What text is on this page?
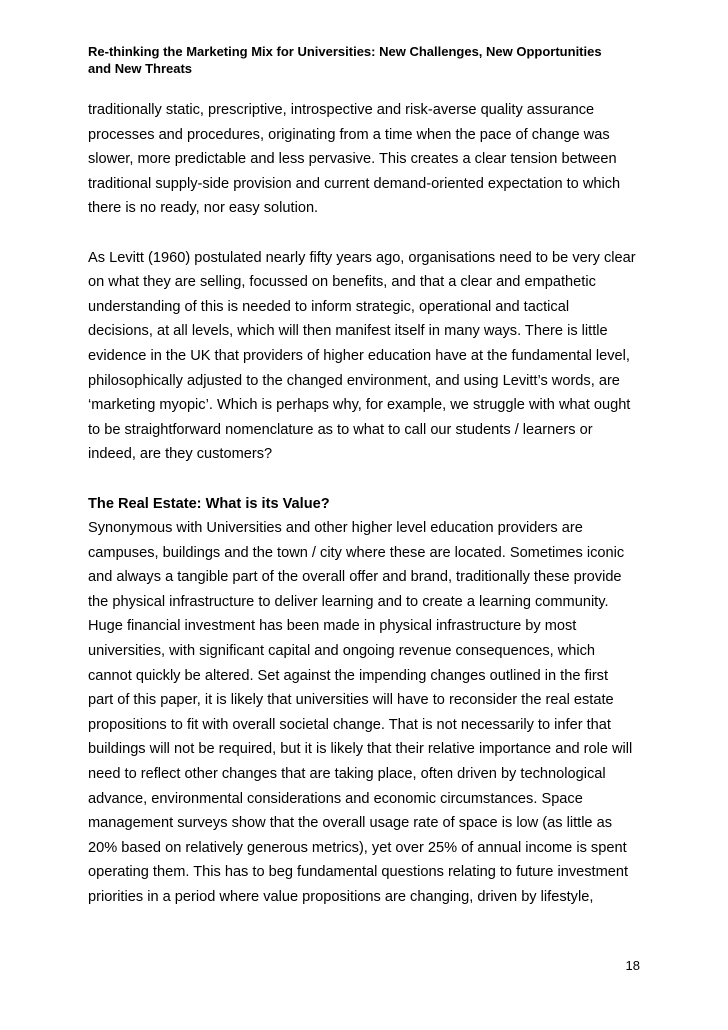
Re-thinking the Marketing Mix for Universities: New Challenges, New Opportunities
and New Threats

traditionally static, prescriptive, introspective and risk-averse quality assurance
processes and procedures, originating from a time when the pace of change was
slower, more predictable and less pervasive. This creates a clear tension between
traditional supply-side provision and current demand-oriented expectation to which
there is no ready, nor easy solution.

As Levitt (1960) postulated nearly fifty years ago, organisations need to be very clear
on what they are selling, focussed on benefits, and that a clear and empathetic
understanding of this is needed to inform strategic, operational and tactical
decisions, at all levels, which will then manifest itself in many ways. There is little
evidence in the UK that providers of higher education have at the fundamental level,
philosophically adjusted to the changed environment, and using Levitt’s words, are
‘marketing myopic’. Which is perhaps why, for example, we struggle with what ought
to be straightforward nomenclature as to what to call our students / learners or
indeed, are they customers?

The Real Estate: What is its Value?

Synonymous with Universities and other higher level education providers are
campuses, buildings and the town / city where these are located. Sometimes iconic
and always a tangible part of the overall offer and brand, traditionally these provide
the physical infrastructure to deliver learning and to create a learning community.
Huge financial investment has been made in physical infrastructure by most
universities, with significant capital and ongoing revenue consequences, which
cannot quickly be altered. Set against the impending changes outlined in the first
part of this paper, it is likely that universities will have to reconsider the real estate
propositions to fit with overall societal change. That is not necessarily to infer that
buildings will not be required, but it is likely that their relative importance and role will
need to reflect other changes that are taking place, often driven by technological
advance, environmental considerations and economic circumstances. Space
management surveys show that the overall usage rate of space is low (as little as
20% based on relatively generous metrics), yet over 25% of annual income is spent
operating them. This has to beg fundamental questions relating to future investment
priorities in a period where value propositions are changing, driven by lifestyle,

18
